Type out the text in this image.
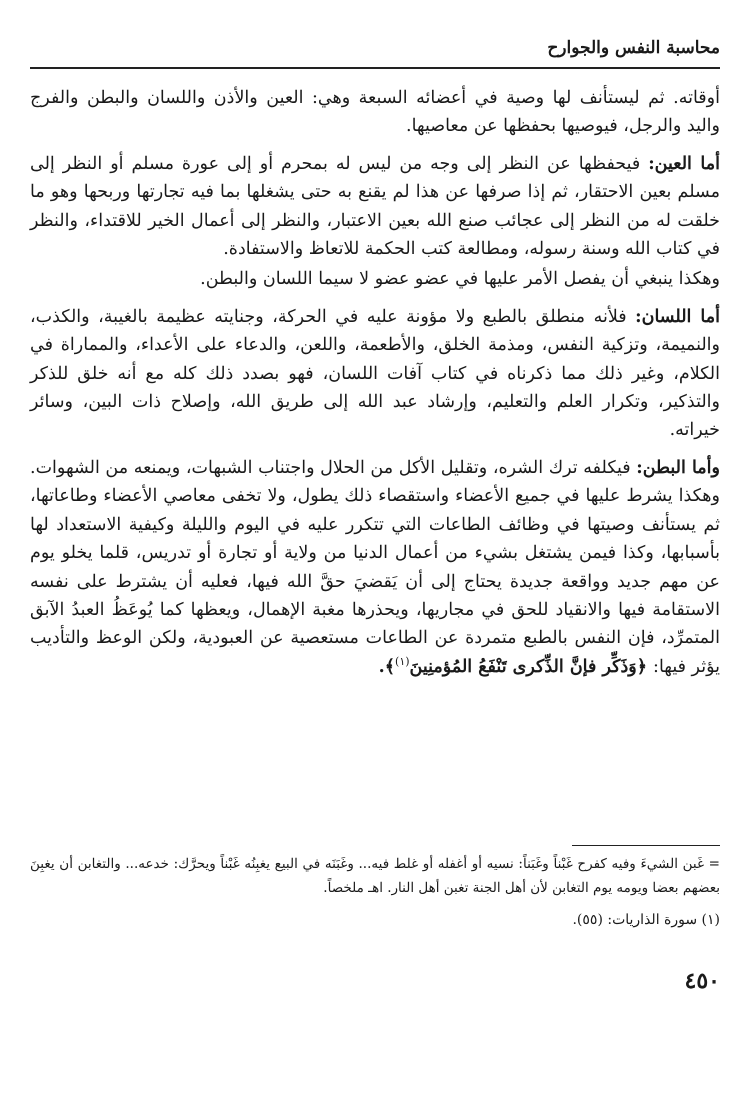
محاسبة النفس والجوارح

أوقاته. ثم ليستأنف لها وصية في أعضائه السبعة وهي: العين والأذن واللسان والبطن والفرج واليد والرجل، فيوصيها بحفظها عن معاصيها.

أما العين: فيحفظها عن النظر إلى وجه من ليس له بمحرم أو إلى عورة مسلم أو النظر إلى مسلم بعين الاحتقار، ثم إذا صرفها عن هذا لم يقنع به حتى يشغلها بما فيه تجارتها وربحها وهو ما خلقت له من النظر إلى عجائب صنع الله بعين الاعتبار، والنظر إلى أعمال الخير للاقتداء، والنظر في كتاب الله وسنة رسوله، ومطالعة كتب الحكمة للاتعاظ والاستفادة.

وهكذا ينبغي أن يفصل الأمر عليها في عضو عضو لا سيما اللسان والبطن.

أما اللسان: فلأنه منطلق بالطبع ولا مؤونة عليه في الحركة، وجنايته عظيمة بالغيبة، والكذب، والنميمة، وتزكية النفس، ومذمة الخلق، والأطعمة، واللعن، والدعاء على الأعداء، والمماراة في الكلام، وغير ذلك مما ذكرناه في كتاب آفات اللسان، فهو بصدد ذلك كله مع أنه خلق للذكر والتذكير، وتكرار العلم والتعليم، وإرشاد عبد الله إلى طريق الله، وإصلاح ذات البين، وسائر خيراته.

وأما البطن: فيكلفه ترك الشره، وتقليل الأكل من الحلال واجتناب الشبهات، ويمنعه من الشهوات. وهكذا يشرط عليها في جميع الأعضاء واستقصاء ذلك يطول، ولا تخفى معاصي الأعضاء وطاعاتها، ثم يستأنف وصيتها في وظائف الطاعات التي تتكرر عليه في اليوم والليلة وكيفية الاستعداد لها بأسبابها، وكذا فيمن يشتغل بشيء من أعمال الدنيا من ولاية أو تجارة أو تدريس، قلما يخلو يوم عن مهم جديد وواقعة جديدة يحتاج إلى أن يَقضيَ حقَّ الله فيها، فعليه أن يشترط على نفسه الاستقامة فيها والانقياد للحق في مجاريها، ويحذرها مغبة الإهمال، ويعظها كما يُوعَظُ العبدُ الآبق المتمرِّد، فإن النفس بالطبع متمردة عن الطاعات مستعصية عن العبودية، ولكن الوعظ والتأديب يؤثر فيها: ﴿وَذَكِّر فإنَّ الذِّكرى تَنْفَعُ المُؤمنِينَ$^{(١)}$﴾.

= غَبن الشيءَ وفيه كفرح غَبْناً وغَبَناً: نسيه أو أغفله أو غلط فيه... وغَبَنَه في البيع يغبِنُه غَبْناً ويحرَّك: خدعه... والتغابن أن يغبِنَ بعضهم بعضا ويومه يوم التغابن لأن أهل الجنة تغبن أهل النار. اهـ ملخصاً.

(١) سورة الذاريات: (٥٥).

٤٥٠
